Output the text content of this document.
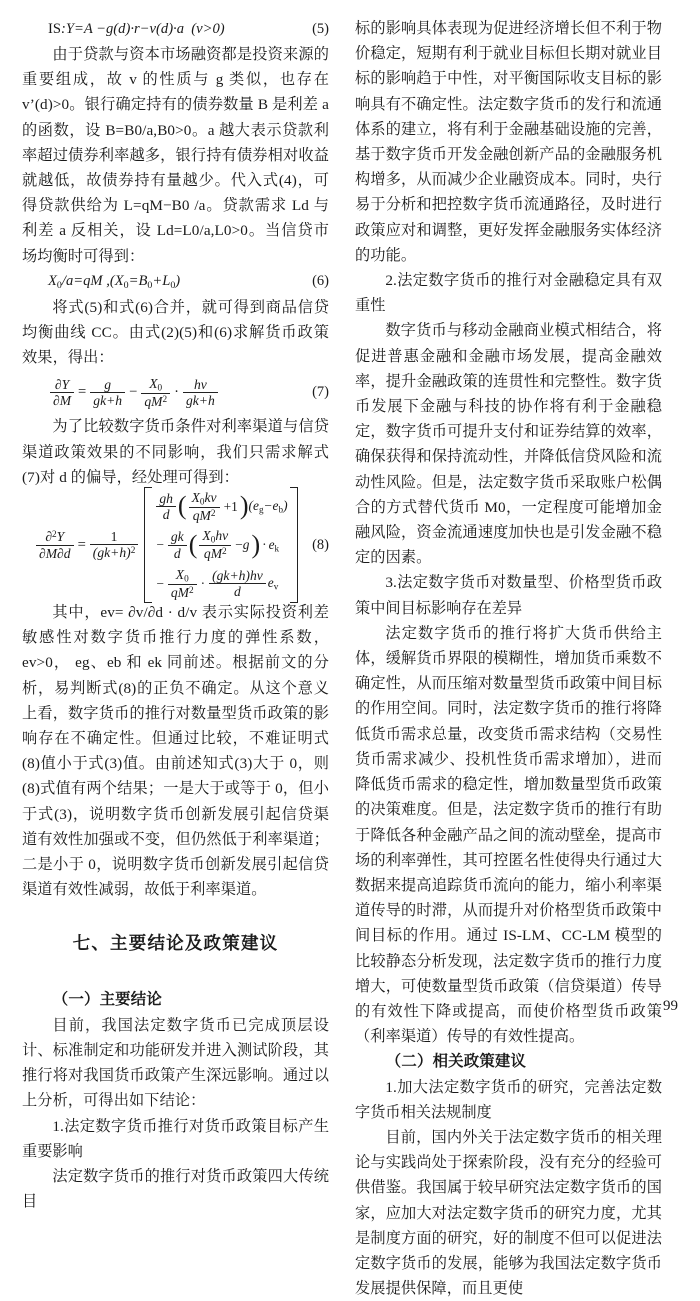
IS:Y=A −g(d)·r−v(d)·a  (v>0)	(5)

由于贷款与资本市场融资都是投资来源的重要组成，故 v 的性质与 g 类似，也存在 v’(d)>0。银行确定持有的债券数量 B 是利差 a 的函数，设 B=B0/a,B0>0。a 越大表示贷款利率超过债券利率越多，银行持有债券相对收益就越低，故债券持有量越少。代入式(4)，可得贷款供给为 L=qM−B0 /a。贷款需求 Ld 与利差 a 反相关，设 Ld=L0/a,L0>0。当信贷市场均衡时可得到：

$X_0/a=qM$ $,(X_0=B_0+L_0)$	(6)

将式(5)和式(6)合并，就可得到商品信贷均衡曲线 CC。由式(2)(5)和(6)求解货币政策效果，得出：

$\frac{\partial Y}{\partial M} = \frac{g}{gk+h} - \frac{X_0}{qM^2} \cdot \frac{hv}{gk+h}$	(7)

为了比较数字货币条件对利率渠道与信贷渠道政策效果的不同影响，我们只需求解式(7)对 d 的偏导，经处理可得到：

$\frac{\partial^2Y}{\partial M\partial d} = \frac{1}{(gk+h)^2}$
$\frac{gh}{d}$ ( $\frac{X_0kv}{qM^2} +1$ ) $(e_g-e_b)$
− $\frac{gk}{d}$ ( $\frac{X_0hv}{qM^2} -g$ ) · $e_k$
− $\frac{X_0}{qM^2} \cdot \frac{(gk+h)hv}{d} e_v$
(8)

其中，ev= ∂v/∂d · d/v 表示实际投资利差敏感性对数字货币推行力度的弹性系数，ev>0， eg、eb 和 ek 同前述。根据前文的分析，易判断式(8)的正负不确定。从这个意义上看，数字货币的推行对数量型货币政策的影响存在不确定性。但通过比较，不难证明式(8)值小于式(3)值。由前述知式(3)大于 0，则(8)式值有两个结果；一是大于或等于 0，但小于式(3)，说明数字货币创新发展引起信贷渠道有效性加强或不变，但仍然低于利率渠道；二是小于 0，说明数字货币创新发展引起信贷渠道有效性减弱，故低于利率渠道。

七、主要结论及政策建议
（一）主要结论

目前，我国法定数字货币已完成顶层设计、标准制定和功能研发并进入测试阶段，其推行将对我国货币政策产生深远影响。通过以上分析，可得出如下结论：

1.法定数字货币推行对货币政策目标产生重要影响

法定数字货币的推行对货币政策四大传统目

标的影响具体表现为促进经济增长但不利于物价稳定，短期有利于就业目标但长期对就业目标的影响趋于中性，对平衡国际收支目标的影响具有不确定性。法定数字货币的发行和流通体系的建立，将有利于金融基础设施的完善，基于数字货币开发金融创新产品的金融服务机构增多，从而减少企业融资成本。同时，央行易于分析和把控数字货币流通路径，及时进行政策应对和调整，更好发挥金融服务实体经济的功能。

2.法定数字货币的推行对金融稳定具有双重性

数字货币与移动金融商业模式相结合，将促进普惠金融和金融市场发展，提高金融效率，提升金融政策的连贯性和完整性。数字货币发展下金融与科技的协作将有利于金融稳定，数字货币可提升支付和证券结算的效率，确保获得和保持流动性，并降低信贷风险和流动性风险。但是，法定数字货币采取账户松偶合的方式替代货币 M0，一定程度可能增加金融风险，资金流通速度加快也是引发金融不稳定的因素。

3.法定数字货币对数量型、价格型货币政策中间目标影响存在差异

法定数字货币的推行将扩大货币供给主体，缓解货币界限的模糊性，增加货币乘数不确定性，从而压缩对数量型货币政策中间目标的作用空间。同时，法定数字货币的推行将降低货币需求总量，改变货币需求结构（交易性货币需求减少、投机性货币需求增加），进而降低货币需求的稳定性，增加数量型货币政策的决策难度。但是，法定数字货币的推行有助于降低各种金融产品之间的流动壁垒，提高市场的利率弹性，其可控匿名性使得央行通过大数据来提高追踪货币流向的能力，缩小利率渠道传导的时滞，从而提升对价格型货币政策中间目标的作用。通过 IS-LM、CC-LM 模型的比较静态分析发现，法定数字货币的推行力度增大，可使数量型货币政策（信贷渠道）传导的有效性下降或提高，而使价格型货币政策（利率渠道）传导的有效性提高。

（二）相关政策建议

1.加大法定数字货币的研究，完善法定数字货币相关法规制度

目前，国内外关于法定数字货币的相关理论与实践尚处于探索阶段，没有充分的经验可供借鉴。我国属于较早研究法定数字货币的国家，应加大对法定数字货币的研究力度，尤其是制度方面的研究，好的制度不但可以促进法定数字货币的发展，能够为我国法定数字货币发展提供保障，而且更使

99
